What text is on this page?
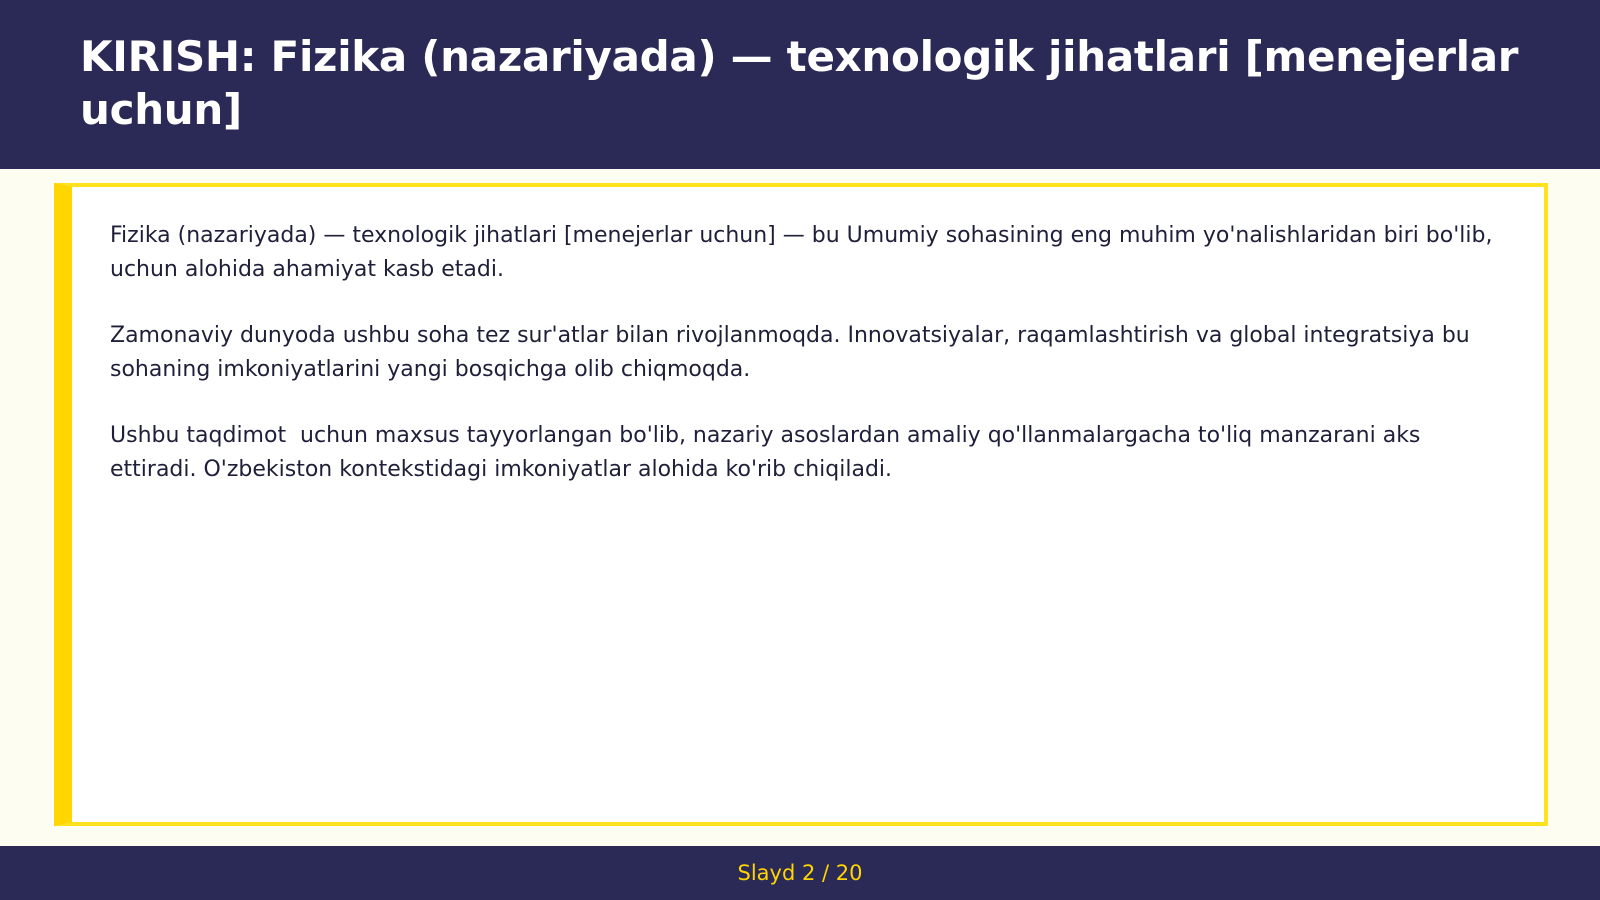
KIRISH: Fizika (nazariyada) — texnologik jihatlari [menejerlar uchun]

Fizika (nazariyada) — texnologik jihatlari [menejerlar uchun] — bu Umumiy sohasining eng muhim yo'nalishlaridan biri bo'lib,  uchun alohida ahamiyat kasb etadi.

Zamonaviy dunyoda ushbu soha tez sur'atlar bilan rivojlanmoqda. Innovatsiyalar, raqamlashtirish va global integratsiya bu sohaning imkoniyatlarini yangi bosqichga olib chiqmoqda.

Ushbu taqdimot  uchun maxsus tayyorlangan bo'lib, nazariy asoslardan amaliy qo'llanmalargacha to'liq manzarani aks ettiradi. O'zbekiston kontekstidagi imkoniyatlar alohida ko'rib chiqiladi.

Slayd 2 / 20
